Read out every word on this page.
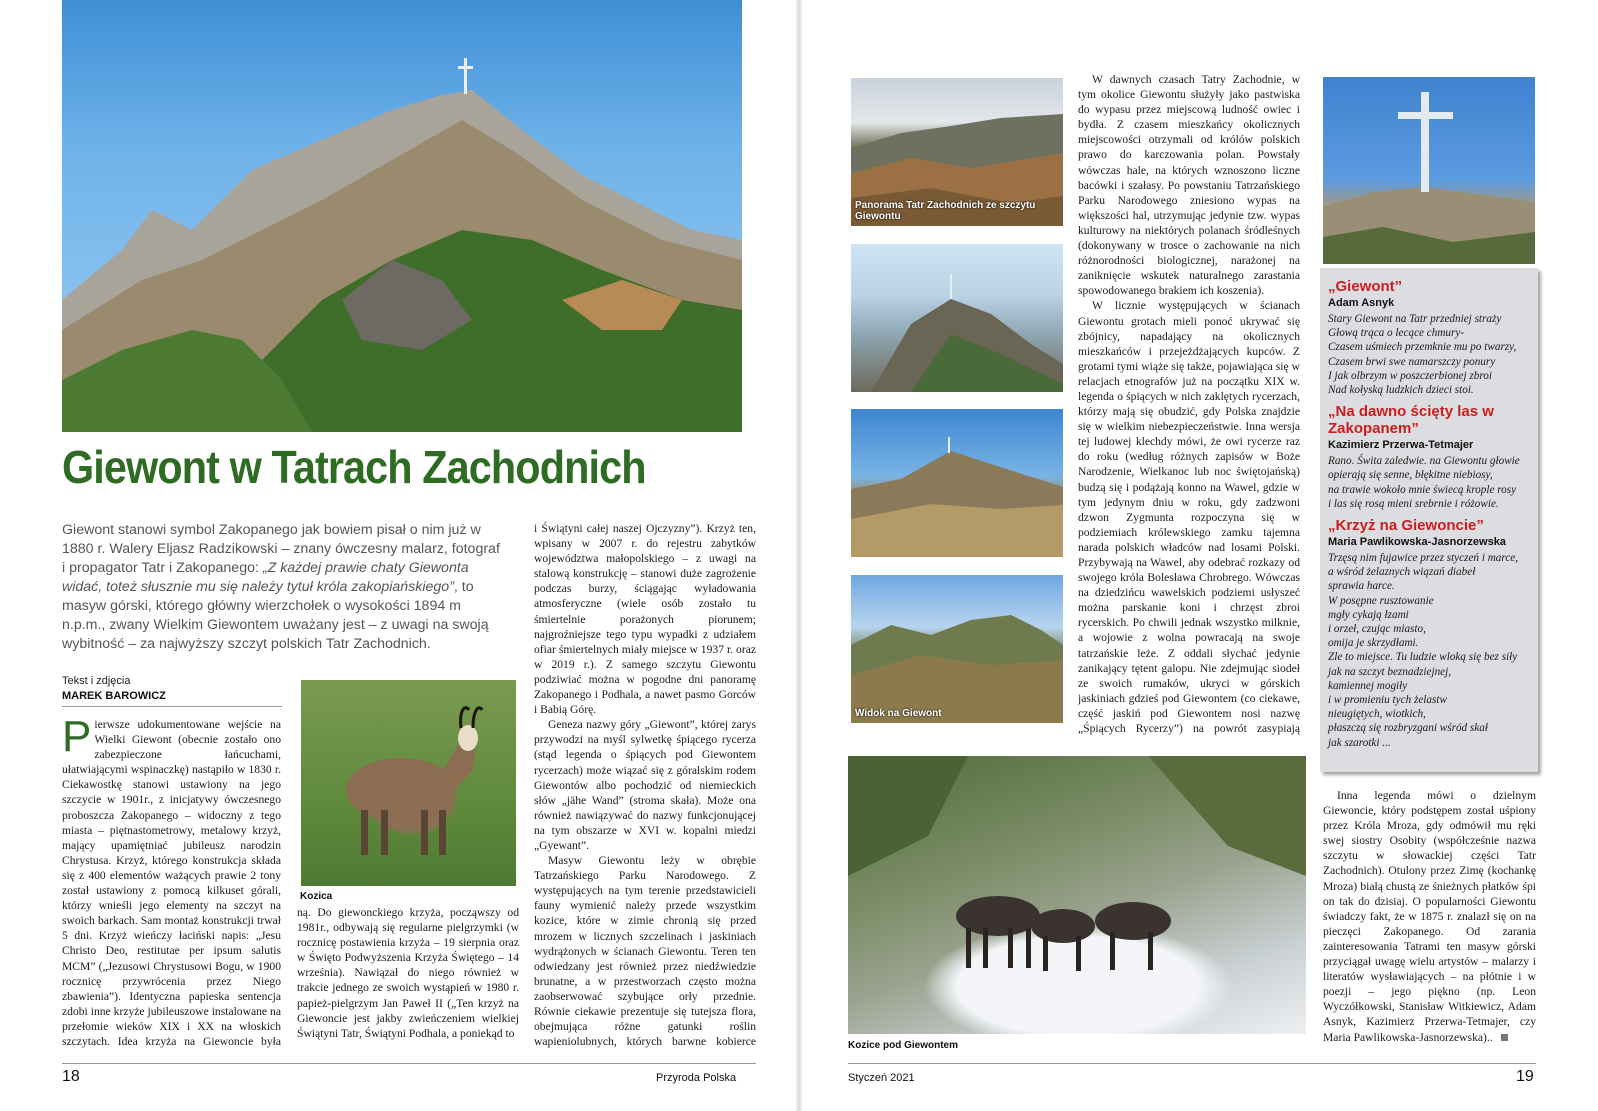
Giewont w Tatrach Zachodnich

Giewont stanowi symbol Zakopanego jak bowiem pisał o nim już w 1880 r. Walery Eljasz Radzikowski – znany ówczesny malarz, fotograf i propagator Tatr i Zakopanego: „Z każdej prawie chaty Giewonta widać, toteż słusznie mu się należy tytuł króla zakopiańskiego”, to masyw górski, którego główny wierzchołek o wysokości 1894 m n.p.m., zwany Wielkim Giewontem uważany jest – z uwagi na swoją wybitność – za najwyższy szczyt polskich Tatr Zachodnich.

Tekst i zdjęcia
MAREK BAROWICZ

Pierwsze udokumentowane wejście na Wielki Giewont (obecnie zostało ono zabezpieczone łańcuchami, ułatwiającymi wspinaczkę) nastąpiło w 1830 r. Ciekawostkę stanowi ustawiony na jego szczycie w 1901r., z inicjatywy ówczesnego proboszcza Zakopanego – widoczny z tego miasta – piętnastometrowy, metalowy krzyż, mający upamiętniać jubileusz narodzin Chrystusa. Krzyż, którego konstrukcja składa się z 400 elementów ważących prawie 2 tony został ustawiony z pomocą kilkuset górali, którzy wnieśli jego elementy na szczyt na swoich barkach. Sam montaż konstrukcji trwał 5 dni. Krzyż wieńczy łaciński napis: „Jesu Christo Deo, restitutae per ipsum salutis MCM” („Jezusowi Chrystusowi Bogu, w 1900 rocznicę przywrócenia przez Niego zbawienia”). Identyczna papieska sentencja zdobi inne krzyże jubileuszowe instalowane na przełomie wieków XIX i XX na włoskich szczytach. Idea krzyża na Giewoncie była

Kozica

ną. Do giewonckiego krzyża, począwszy od 1981r., odbywają się regularne pielgrzymki (w rocznicę postawienia krzyża – 19 sierpnia oraz w Święto Podwyższenia Krzyża Świętego – 14 września). Nawiązał do niego również w trakcie jednego ze swoich wystąpień w 1980 r. papież-pielgrzym Jan Paweł II („Ten krzyż na Giewoncie jest jakby zwieńczeniem wielkiej Świątyni Tatr, Świątyni Podhala, a poniekąd to

i Świątyni całej naszej Ojczyzny”). Krzyż ten, wpisany w 2007 r. do rejestru zabytków województwa małopolskiego – z uwagi na stalową konstrukcję – stanowi duże zagrożenie podczas burzy, ściągając wyładowania atmosferyczne (wiele osób zostało tu śmiertelnie porażonych piorunem; najgroźniejsze tego typu wypadki z udziałem ofiar śmiertelnych miały miejsce w 1937 r. oraz w 2019 r.). Z samego szczytu Giewontu podziwiać można w pogodne dni panoramę Zakopanego i Podhala, a nawet pasmo Gorców i Babią Górę.

Geneza nazwy góry „Giewont”, której zarys przywodzi na myśl sylwetkę śpiącego rycerza (stąd legenda o śpiących pod Giewontem rycerzach) może wiązać się z góralskim rodem Giewontów albo pochodzić od niemieckich słów „jähe Wand” (stroma skała). Może ona również nawiązywać do nazwy funkcjonującej na tym obszarze w XVI w. kopalni miedzi „Gyewant”.

Masyw Giewontu leży w obrębie Tatrzańskiego Parku Narodowego. Z występujących na tym terenie przedstawicieli fauny wymienić należy przede wszystkim kozice, które w zimie chronią się przed mrozem w licznych szczelinach i jaskiniach wydrążonych w ścianach Giewontu. Teren ten odwiedzany jest również przez niedźwiedzie brunatne, a w przestworzach często można zaobserwować szybujące orły przednie. Równie ciekawie prezentuje się tutejsza flora, obejmująca różne gatunki roślin wapieniolubnych, których barwne kobierce

18	Przyroda Polska
Panorama Tatr Zachodnich ze szczytu Giewontu
Widok na Giewont

W dawnych czasach Tatry Zachodnie, w tym okolice Giewontu służyły jako pastwiska do wypasu przez miejscową ludność owiec i bydła. Z czasem mieszkańcy okolicznych miejscowości otrzymali od królów polskich prawo do karczowania polan. Powstały wówczas hale, na których wznoszono liczne bacówki i szałasy. Po powstaniu Tatrzańskiego Parku Narodowego zniesiono wypas na większości hal, utrzymując jedynie tzw. wypas kulturowy na niektórych polanach śródleśnych (dokonywany w trosce o zachowanie na nich różnorodności biologicznej, narażonej na zaniknięcie wskutek naturalnego zarastania spowodowanego brakiem ich koszenia).

W licznie występujących w ścianach Giewontu grotach mieli ponoć ukrywać się zbójnicy, napadający na okolicznych mieszkańców i przejeżdżających kupców. Z grotami tymi wiąże się także, pojawiająca się w relacjach etnografów już na początku XIX w. legenda o śpiących w nich zaklętych rycerzach, którzy mają się obudzić, gdy Polska znajdzie się w wielkim niebezpieczeństwie. Inna wersja tej ludowej klechdy mówi, że owi rycerze raz do roku (według różnych zapisów w Boże Narodzenie, Wielkanoc lub noc świętojańską) budzą się i podążają konno na Wawel, gdzie w tym jedynym dniu w roku, gdy zadzwoni dzwon Zygmunta rozpoczyna się w podziemiach królewskiego zamku tajemna narada polskich władców nad losami Polski. Przybywają na Wawel, aby odebrać rozkazy od swojego króla Bolesława Chrobrego. Wówczas na dziedzińcu wawelskich podziemi usłyszeć można parskanie koni i chrzęst zbroi rycerskich. Po chwili jednak wszystko milknie, a wojowie z wolna powracają na swoje tatrzańskie leże. Z oddali słychać jedynie zanikający tętent galopu. Nie zdejmując siodeł ze swoich rumaków, ukryci w górskich jaskiniach gdzieś pod Giewontem (co ciekawe, część jaskiń pod Giewontem nosi nazwę „Śpiących Rycerzy”) na powrót zasypiają

„Giewont”
Adam Asnyk
Stary Giewont na Tatr przedniej straży
Głową trąca o lecące chmury-
Czasem uśmiech przemknie mu po twarzy,
Czasem brwi swe namarszczy ponury
I jak olbrzym w poszczerbionej zbroi
Nad kołyską ludzkich dzieci stoi.
„Na dawno ścięty las w Zakopanem”
Kazimierz Przerwa-Tetmajer
Rano. Świta zaledwie. na Giewontu głowie
opierają się senne, błękitne niebiosy,
na trawie wokoło mnie świecą krople rosy
i las się rosą mieni srebrnie i różowie.
„Krzyż na Giewoncie”
Maria Pawlikowska-Jasnorzewska
Trzęsą nim fujawice przez styczeń i marce,
a wśród żelaznych wiązań diabeł
sprawia harce.
W posępne rusztowanie
mgły cykają łzami
i orzeł, czując miasto,
omija je skrzydłami.
Zle to miejsce. Tu ludzie wloką się bez siły
jak na szczyt beznadziejnej,
kamiennej mogiły
i w promieniu tych żelastw
nieugiętych, wiotkich,
płaszczą się rozbryzgani wśród skał
jak szarotki ...
Kozice pod Giewontem

Inna legenda mówi o dzielnym Giewoncie, który podstępem został uśpiony przez Króla Mroza, gdy odmówił mu ręki swej siostry Osobity (współcześnie nazwa szczytu w słowackiej części Tatr Zachodnich). Otulony przez Zimę (kochankę Mroza) białą chustą ze śnieżnych płatków śpi on tak do dzisiaj. O popularności Giewontu świadczy fakt, że w 1875 r. znalazł się on na pieczęci Zakopanego. Od zarania zainteresowania Tatrami ten masyw górski przyciągał uwagę wielu artystów – malarzy i literatów wysławiających – na płótnie i w poezji – jego piękno (np. Leon Wyczółkowski, Stanisław Witkiewicz, Adam Asnyk, Kazimierz Przerwa-Tetmajer, czy Maria Pawlikowska-Jasnorzewska)..

Styczeń 2021	19
